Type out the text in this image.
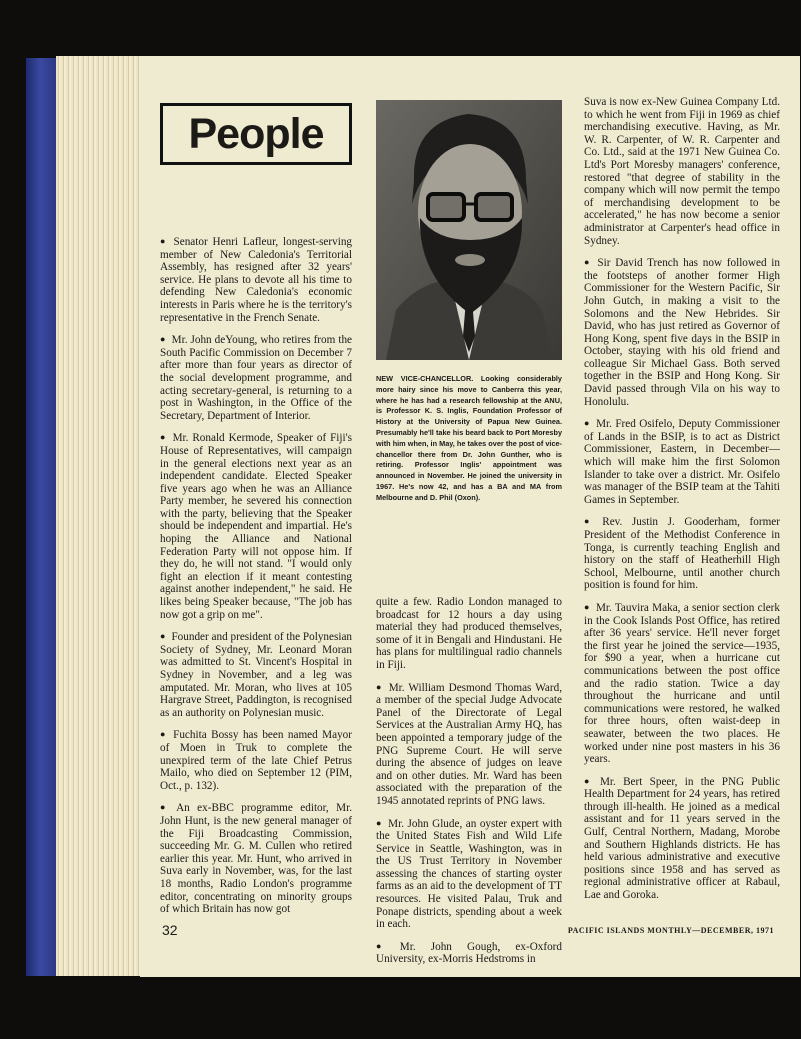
People

● Senator Henri Lafleur, longest-serving member of New Caledonia's Territorial Assembly, has resigned after 32 years' service. He plans to devote all his time to defending New Caledonia's economic interests in Paris where he is the territory's representative in the French Senate.

● Mr. John deYoung, who retires from the South Pacific Commission on December 7 after more than four years as director of the social development programme, and acting secretary-general, is returning to a post in Washington, in the Office of the Secretary, Department of Interior.

● Mr. Ronald Kermode, Speaker of Fiji's House of Representatives, will campaign in the general elections next year as an independent candidate. Elected Speaker five years ago when he was an Alliance Party member, he severed his connection with the party, believing that the Speaker should be independent and impartial. He's hoping the Alliance and National Federation Party will not oppose him. If they do, he will not stand. "I would only fight an election if it meant contesting against another independent," he said. He likes being Speaker because, "The job has now got a grip on me".

● Founder and president of the Polynesian Society of Sydney, Mr. Leonard Moran was admitted to St. Vincent's Hospital in Sydney in November, and a leg was amputated. Mr. Moran, who lives at 105 Hargrave Street, Paddington, is recognised as an authority on Polynesian music.

● Fuchita Bossy has been named Mayor of Moen in Truk to complete the unexpired term of the late Chief Petrus Mailo, who died on September 12 (PIM, Oct., p. 132).

● An ex-BBC programme editor, Mr. John Hunt, is the new general manager of the Fiji Broadcasting Commission, succeeding Mr. G. M. Cullen who retired earlier this year. Mr. Hunt, who arrived in Suva early in November, was, for the last 18 months, Radio London's programme editor, concentrating on minority groups of which Britain has now got

NEW VICE-CHANCELLOR. Looking considerably more hairy since his move to Canberra this year, where he has had a research fellowship at the ANU, is Professor K. S. Inglis, Foundation Professor of History at the University of Papua New Guinea. Presumably he'll take his beard back to Port Moresby with him when, in May, he takes over the post of vice-chancellor there from Dr. John Gunther, who is retiring. Professor Inglis' appointment was announced in November. He joined the university in 1967. He's now 42, and has a BA and MA from Melbourne and D. Phil (Oxon).

quite a few. Radio London managed to broadcast for 12 hours a day using material they had produced themselves, some of it in Bengali and Hindustani. He has plans for multilingual radio channels in Fiji.

● Mr. William Desmond Thomas Ward, a member of the special Judge Advocate Panel of the Directorate of Legal Services at the Australian Army HQ, has been appointed a temporary judge of the PNG Supreme Court. He will serve during the absence of judges on leave and on other duties. Mr. Ward has been associated with the preparation of the 1945 annotated reprints of PNG laws.

● Mr. John Glude, an oyster expert with the United States Fish and Wild Life Service in Seattle, Washington, was in the US Trust Territory in November assessing the chances of starting oyster farms as an aid to the development of TT resources. He visited Palau, Truk and Ponape districts, spending about a week in each.

● Mr. John Gough, ex-Oxford University, ex-Morris Hedstroms in

Suva is now ex-New Guinea Company Ltd. to which he went from Fiji in 1969 as chief merchandising executive. Having, as Mr. W. R. Carpenter, of W. R. Carpenter and Co. Ltd., said at the 1971 New Guinea Co. Ltd's Port Moresby managers' conference, restored "that degree of stability in the company which will now permit the tempo of merchandising development to be accelerated," he has now become a senior administrator at Carpenter's head office in Sydney.

● Sir David Trench has now followed in the footsteps of another former High Commissioner for the Western Pacific, Sir John Gutch, in making a visit to the Solomons and the New Hebrides. Sir David, who has just retired as Governor of Hong Kong, spent five days in the BSIP in October, staying with his old friend and colleague Sir Michael Gass. Both served together in the BSIP and Hong Kong. Sir David passed through Vila on his way to Honolulu.

● Mr. Fred Osifelo, Deputy Commissioner of Lands in the BSIP, is to act as District Commissioner, Eastern, in December—which will make him the first Solomon Islander to take over a district. Mr. Osifelo was manager of the BSIP team at the Tahiti Games in September.

● Rev. Justin J. Gooderham, former President of the Methodist Conference in Tonga, is currently teaching English and history on the staff of Heatherhill High School, Melbourne, until another church position is found for him.

● Mr. Tauvira Maka, a senior section clerk in the Cook Islands Post Office, has retired after 36 years' service. He'll never forget the first year he joined the service—1935, for $90 a year, when a hurricane cut communications between the post office and the radio station. Twice a day throughout the hurricane and until communications were restored, he walked for three hours, often waist-deep in seawater, between the two places. He worked under nine post masters in his 36 years.

● Mr. Bert Speer, in the PNG Public Health Department for 24 years, has retired through ill-health. He joined as a medical assistant and for 11 years served in the Gulf, Central Northern, Madang, Morobe and Southern Highlands districts. He has held various administrative and executive positions since 1958 and has served as regional administrative officer at Rabaul, Lae and Goroka.

32	PACIFIC ISLANDS MONTHLY—DECEMBER, 1971
